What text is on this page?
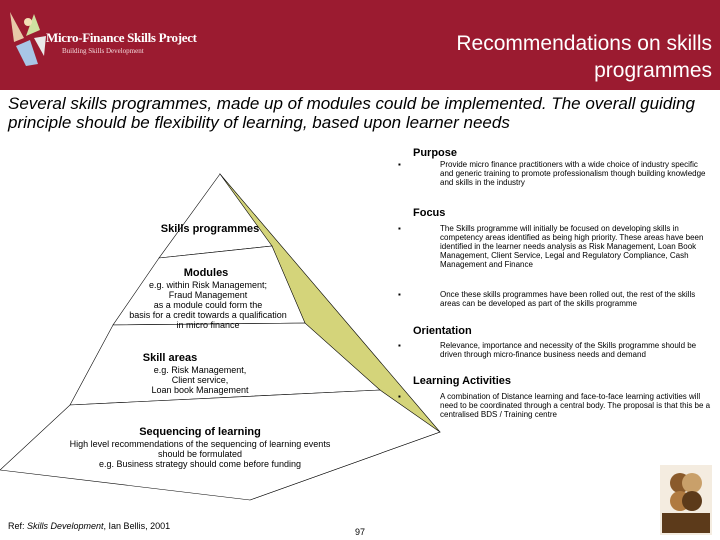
Micro-Finance Skills Project
Building Skills Development	Recommendations on skills programmes
Several skills programmes, made up of modules could be implemented. The overall guiding principle should be flexibility of learning, based upon learner needs
Skills programmes
Modules
e.g. within Risk Management;
Fraud Management
as a module could form the
basis for a credit towards a qualification
in micro finance
Skill areas
e.g. Risk Management,
Client service,
Loan book Management
Sequencing of learning
High level recommendations of the sequencing of learning events
should be formulated
e.g. Business strategy should come before funding
Purpose
▪	Provide micro finance practitioners with a wide choice of industry specific and generic training to promote professionalism though building knowledge and skills in the industry
Focus
▪	The Skills programme will initially be focused on developing skills in competency areas identified as being high priority. These areas have been identified in the learner needs analysis as Risk Management, Loan Book Management, Client Service, Legal and Regulatory Compliance, Cash Management and Finance
▪	Once these skills programmes have been rolled out, the rest of the skills areas can be developed as part of the skills programme
Orientation
▪	Relevance, importance and necessity of the Skills programme should be driven through micro-finance business needs and demand
Learning Activities
▪	A combination of Distance learning and face-to-face learning activities will need to be coordinated through a central body. The proposal is that this be a centralised BDS / Training centre
Ref: Skills Development, Ian Bellis, 2001
97
